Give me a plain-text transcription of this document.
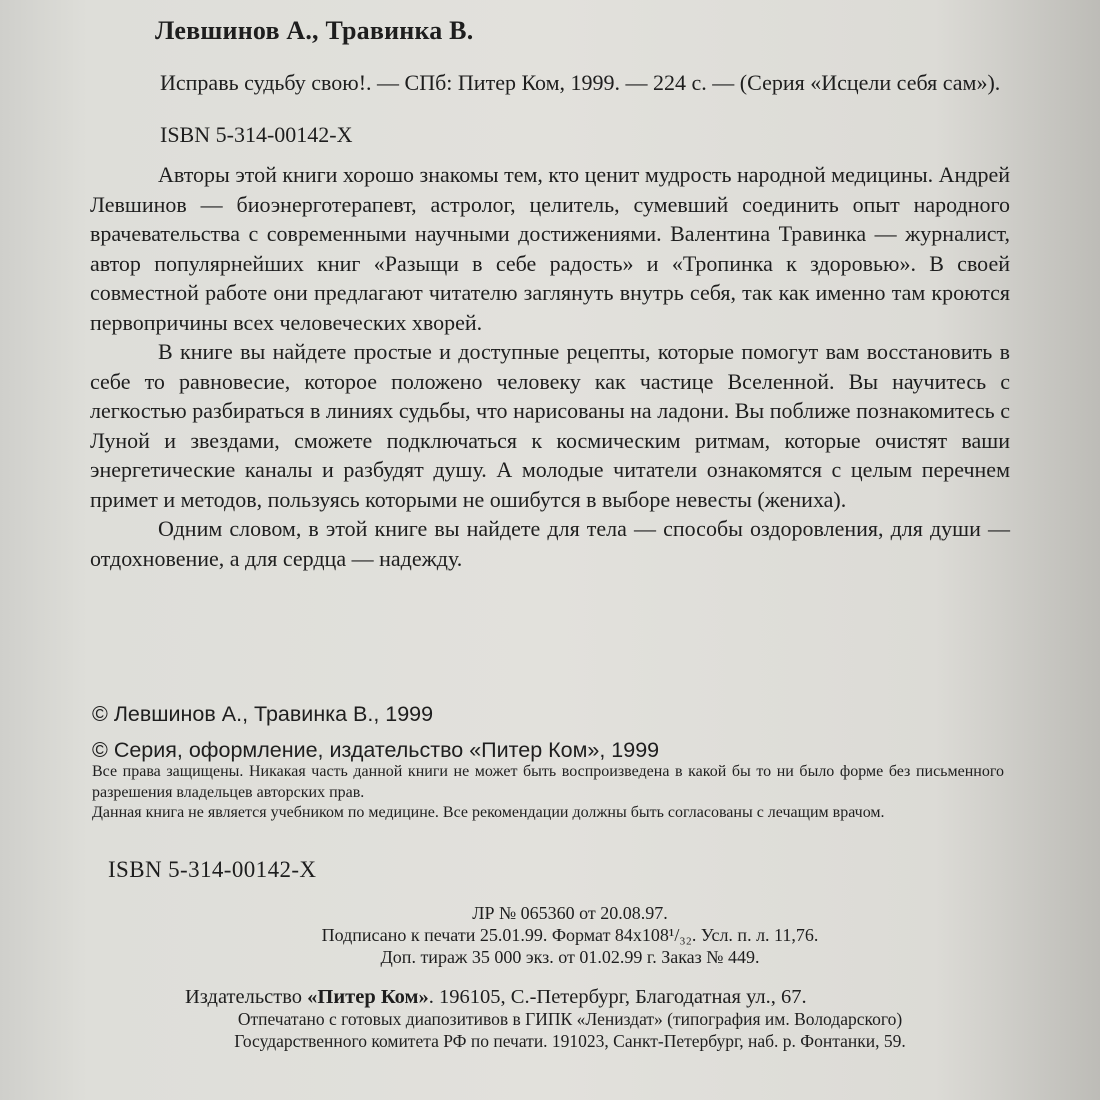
Левшинов А., Травинка В.
Исправь судьбу свою!. — СПб: Питер Ком, 1999. — 224 с. — (Серия «Исцели себя сам»).
ISBN 5-314-00142-X

Авторы этой книги хорошо знакомы тем, кто ценит мудрость народной медицины. Андрей Левшинов — биоэнерготерапевт, астролог, целитель, сумевший соединить опыт народного врачевательства с современными научными достижениями. Валентина Травинка — журналист, автор популярнейших книг «Разыщи в себе радость» и «Тропинка к здоровью». В своей совместной работе они предлагают читателю заглянуть внутрь себя, так как именно там кроются первопричины всех человеческих хворей.

В книге вы найдете простые и доступные рецепты, которые помогут вам восстановить в себе то равновесие, которое положено человеку как частице Вселенной. Вы научитесь с легкостью разбираться в линиях судьбы, что нарисованы на ладони. Вы поближе познакомитесь с Луной и звездами, сможете подключаться к космическим ритмам, которые очистят ваши энергетические каналы и разбудят душу. А молодые читатели ознакомятся с целым перечнем примет и методов, пользуясь которыми не ошибутся в выборе невесты (жениха).

Одним словом, в этой книге вы найдете для тела — способы оздоровления, для души — отдохновение, а для сердца — надежду.

© Левшинов А., Травинка В., 1999
© Серия, оформление, издательство «Питер Ком», 1999

Все права защищены. Никакая часть данной книги не может быть воспроизведена в какой бы то ни было форме без письменного разрешения владельцев авторских прав.

Данная книга не является учебником по медицине. Все рекомендации должны быть согласованы с лечащим врачом.

ISBN 5-314-00142-X

ЛР № 065360 от 20.08.97.

Подписано к печати 25.01.99. Формат 84x108¹/₃₂. Усл. п. л. 11,76.

Доп. тираж 35 000 экз. от 01.02.99 г. Заказ № 449.

Издательство «Питер Ком». 196105, С.-Петербург, Благодатная ул., 67.

Отпечатано с готовых диапозитивов в ГИПК «Лениздат» (типография им. Володарского)

Государственного комитета РФ по печати. 191023, Санкт-Петербург, наб. р. Фонтанки, 59.
